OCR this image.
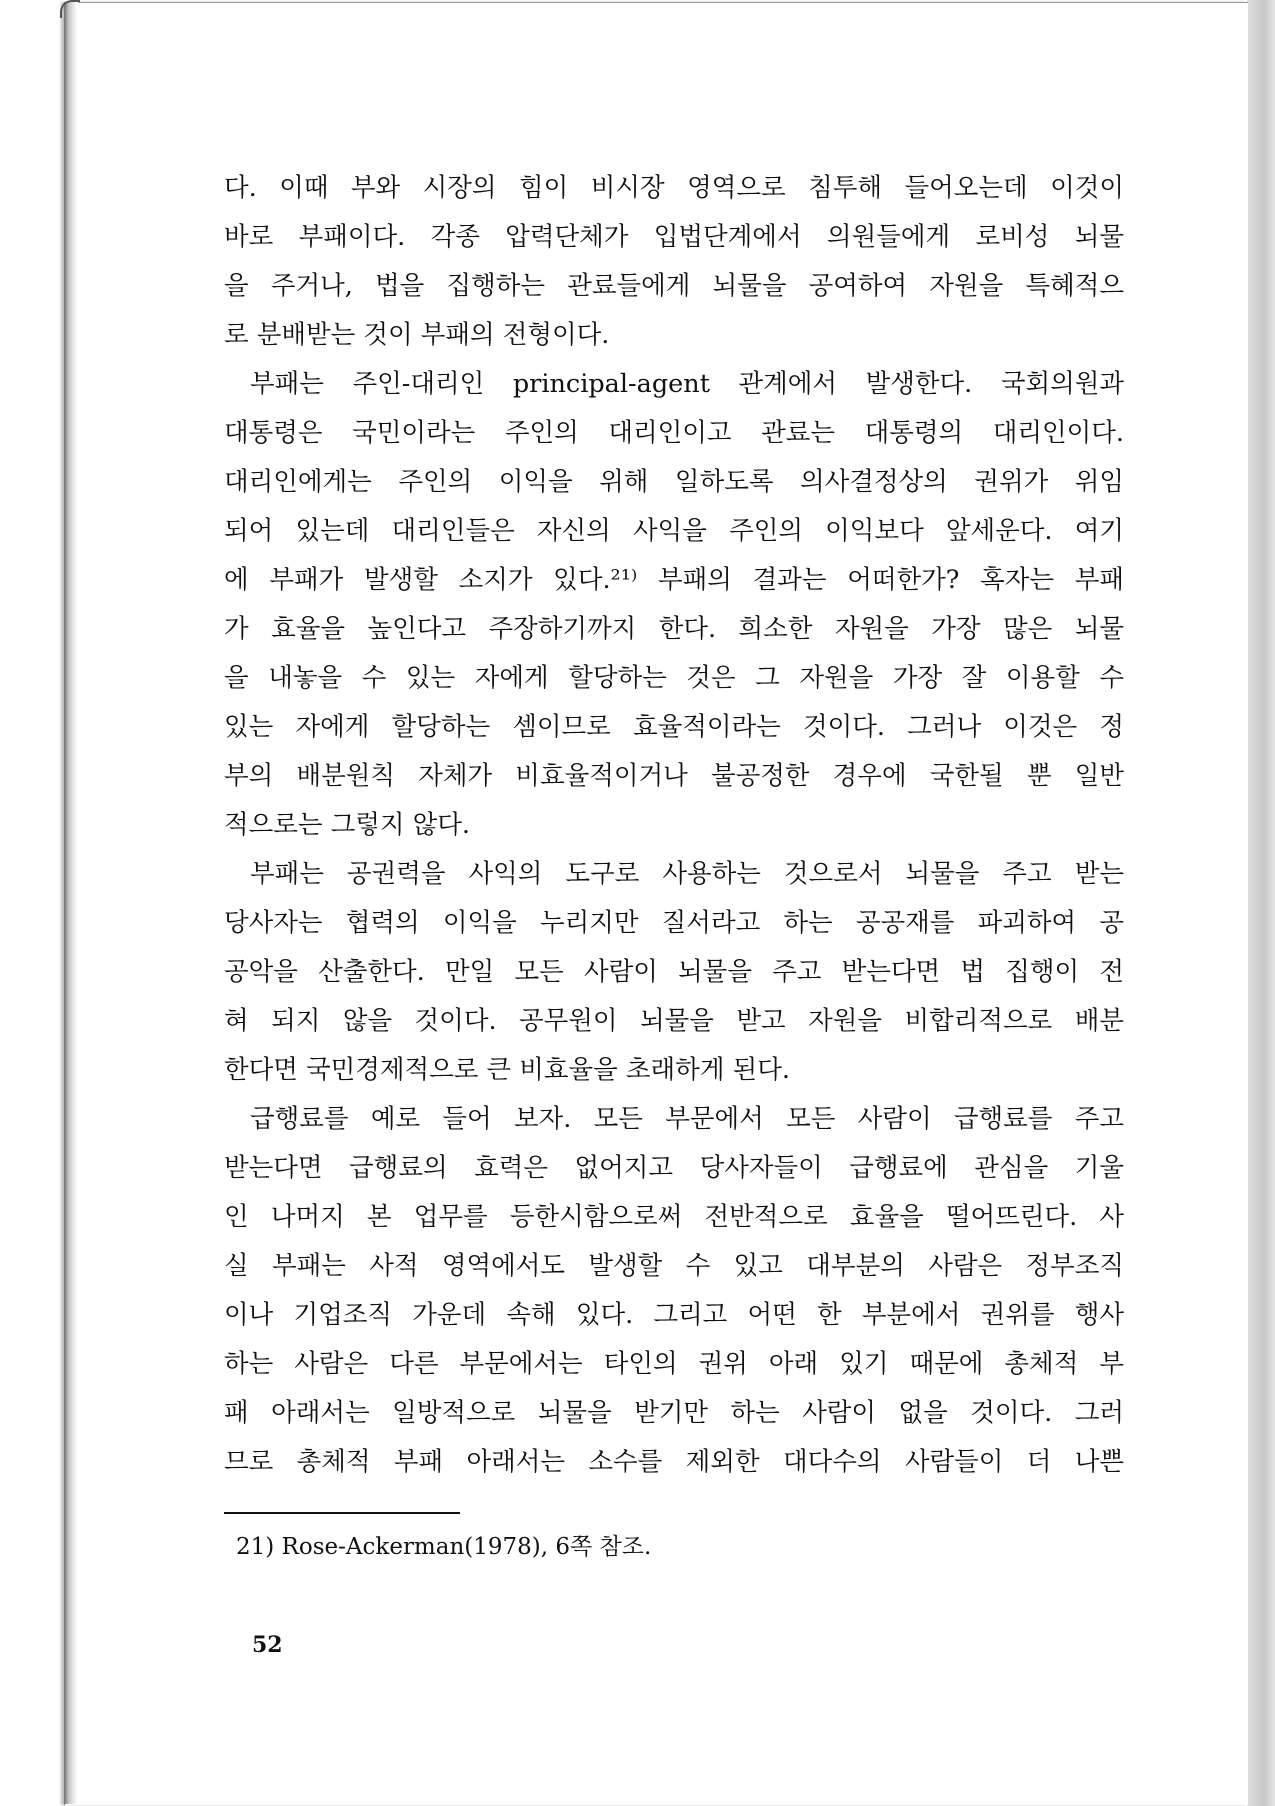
다. 이때 부와 시장의 힘이 비시장 영역으로 침투해 들어오는데 이것이
바로 부패이다. 각종 압력단체가 입법단계에서 의원들에게 로비성 뇌물
을 주거나, 법을 집행하는 관료들에게 뇌물을 공여하여 자원을 특혜적으
로 분배받는 것이 부패의 전형이다.
부패는 주인-대리인 principal-agent 관계에서 발생한다. 국회의원과
대통령은 국민이라는 주인의 대리인이고 관료는 대통령의 대리인이다.
대리인에게는 주인의 이익을 위해 일하도록 의사결정상의 권위가 위임
되어 있는데 대리인들은 자신의 사익을 주인의 이익보다 앞세운다. 여기
에 부패가 발생할 소지가 있다.²¹⁾ 부패의 결과는 어떠한가? 혹자는 부패
가 효율을 높인다고 주장하기까지 한다. 희소한 자원을 가장 많은 뇌물
을 내놓을 수 있는 자에게 할당하는 것은 그 자원을 가장 잘 이용할 수
있는 자에게 할당하는 셈이므로 효율적이라는 것이다. 그러나 이것은 정
부의 배분원칙 자체가 비효율적이거나 불공정한 경우에 국한될 뿐 일반
적으로는 그렇지 않다.
부패는 공권력을 사익의 도구로 사용하는 것으로서 뇌물을 주고 받는
당사자는 협력의 이익을 누리지만 질서라고 하는 공공재를 파괴하여 공
공악을 산출한다. 만일 모든 사람이 뇌물을 주고 받는다면 법 집행이 전
혀 되지 않을 것이다. 공무원이 뇌물을 받고 자원을 비합리적으로 배분
한다면 국민경제적으로 큰 비효율을 초래하게 된다.
급행료를 예로 들어 보자. 모든 부문에서 모든 사람이 급행료를 주고
받는다면 급행료의 효력은 없어지고 당사자들이 급행료에 관심을 기울
인 나머지 본 업무를 등한시함으로써 전반적으로 효율을 떨어뜨린다. 사
실 부패는 사적 영역에서도 발생할 수 있고 대부분의 사람은 정부조직
이나 기업조직 가운데 속해 있다. 그리고 어떤 한 부분에서 권위를 행사
하는 사람은 다른 부문에서는 타인의 권위 아래 있기 때문에 총체적 부
패 아래서는 일방적으로 뇌물을 받기만 하는 사람이 없을 것이다. 그러
므로 총체적 부패 아래서는 소수를 제외한 대다수의 사람들이 더 나쁜
21) Rose-Ackerman(1978), 6쪽 참조.
52
